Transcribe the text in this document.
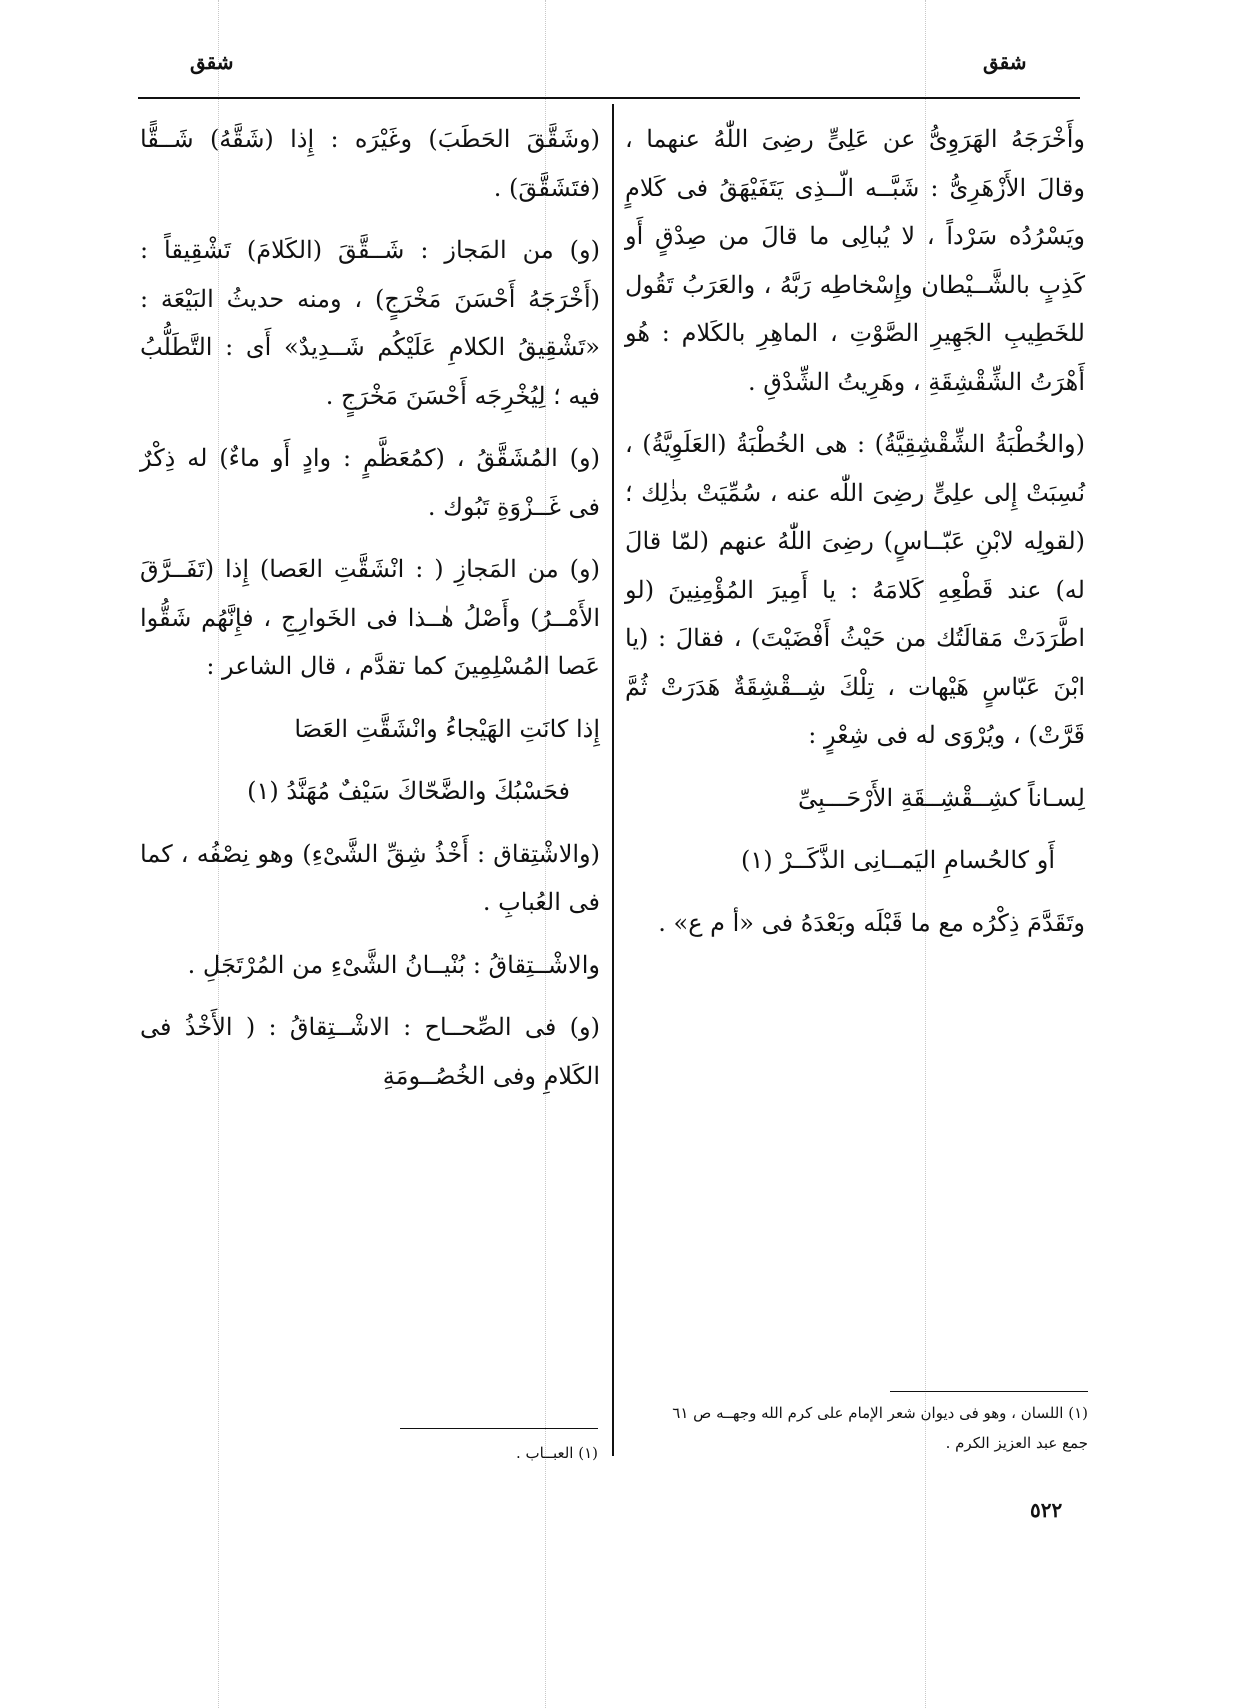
شقق
شقق

وأَخْرَجَهُ الهَرَوِىُّ عن عَلِىٍّ رضِىَ اللّٰهُ عنهما ، وقالَ الأَزْهَرِىُّ : شَبَّــه الّــذِى يَتَفَيْهَقُ فى كَلامٍ ويَسْرُدُه سَرْداً ، لا يُبالِى ما قالَ من صِدْقٍ أَو كَذِبٍ بالشَّــيْطان وإِسْخاطِه رَبَّهُ ، والعَرَبُ تَقُول للخَطِيبِ الجَهِيرِ الصَّوْتِ ، الماهِرِ بالكَلام : هُو أَهْرَتُ الشِّقْشِقَةِ ، وهَرِيتُ الشِّدْقِ .

(والخُطْبَةُ الشِّقْشِقِيَّةُ) : هى الخُطْبَةُ (العَلَوِيَّةُ) ، نُسِبَتْ إِلى علِىٍّ رضِىَ اللّٰه عنه ، سُمِّيَتْ بذٰلِك ؛ (لقولِه لابْنِ عَبّــاسٍ) رضِىَ اللّٰهُ عنهم (لمّا قالَ له) عند قَطْعِهِ كَلامَهُ : يا أَمِيرَ المُؤْمِنِينَ (لو اطَّرَدَتْ مَقالَتُك من حَيْثُ أَفْضَيْتَ) ، فقالَ : (يا ابْنَ عَبّاسٍ هَيْهات ، تِلْكَ شِــقْشِقَةٌ هَدَرَتْ ثُمَّ قَرَّتْ) ، ويُرْوَى له فى شِعْرٍ :

لِسـاناً كشِــقْشِــقَةِ الأَرْحَـــبِىِّ

أَو كالحُسامِ اليَمــانِى الذَّكَــرْ (١)

وتَقَدَّمَ ذِكْرُه مع ما قَبْلَه وبَعْدَهُ فى «أ م ع» .

(وشَقَّقَ الحَطَبَ) وغَيْرَه : إِذا (شَقَّهُ) شَــقًّا (فتَشَقَّقَ) .

(و) من المَجاز : شَــقَّقَ (الكَلامَ) تَشْقِيقاً : (أَخْرَجَهُ أَحْسَنَ مَخْرَجٍ) ، ومنه حديثُ البَيْعَة : «تَشْقِيقُ الكلامِ عَلَيْكُم شَــدِيدٌ» أَى : التَّطَلُّبُ فيه ؛ لِيُخْرِجَه أَحْسَنَ مَخْرَجٍ .

(و) المُشَقَّقُ ، (كمُعَظَّمٍ : وادٍ أَو ماءٌ) له ذِكْرٌ فى غَــزْوَةِ تَبُوك .

(و) من المَجازِ ( : انْشَقَّتِ العَصا) إِذا (تَفَــرَّقَ الأَمْــرُ) وأَصْلُ هٰــذا فى الخَوارِجِ ، فإِنَّهُم شَقُّوا عَصا المُسْلِمِينَ كما تقدَّم ، قال الشاعر :

إِذا كانَتِ الهَيْجاءُ وانْشَقَّتِ العَصَا

فحَسْبُكَ والضَّحّاكَ سَيْفٌ مُهَنَّدُ (١)

(والاشْتِقاق : أَخْذُ شِقِّ الشَّىْءِ) وهو نِصْفُه ، كما فى العُبابِ .

والاشْــتِقاقُ : بُنْيــانُ الشَّىْءِ من المُرْتَجَلِ .

(و) فى الصِّحــاح : الاشْــتِقاقُ : ( الأَخْذُ فى الكَلامِ وفى الخُصُــومَةِ

(١) اللسان ، وهو فى ديوان شعر الإمام على كرم الله وجهــه ص ٦١ جمع عبد العزيز الكرم .
(١) العبــاب .
٥٢٢
